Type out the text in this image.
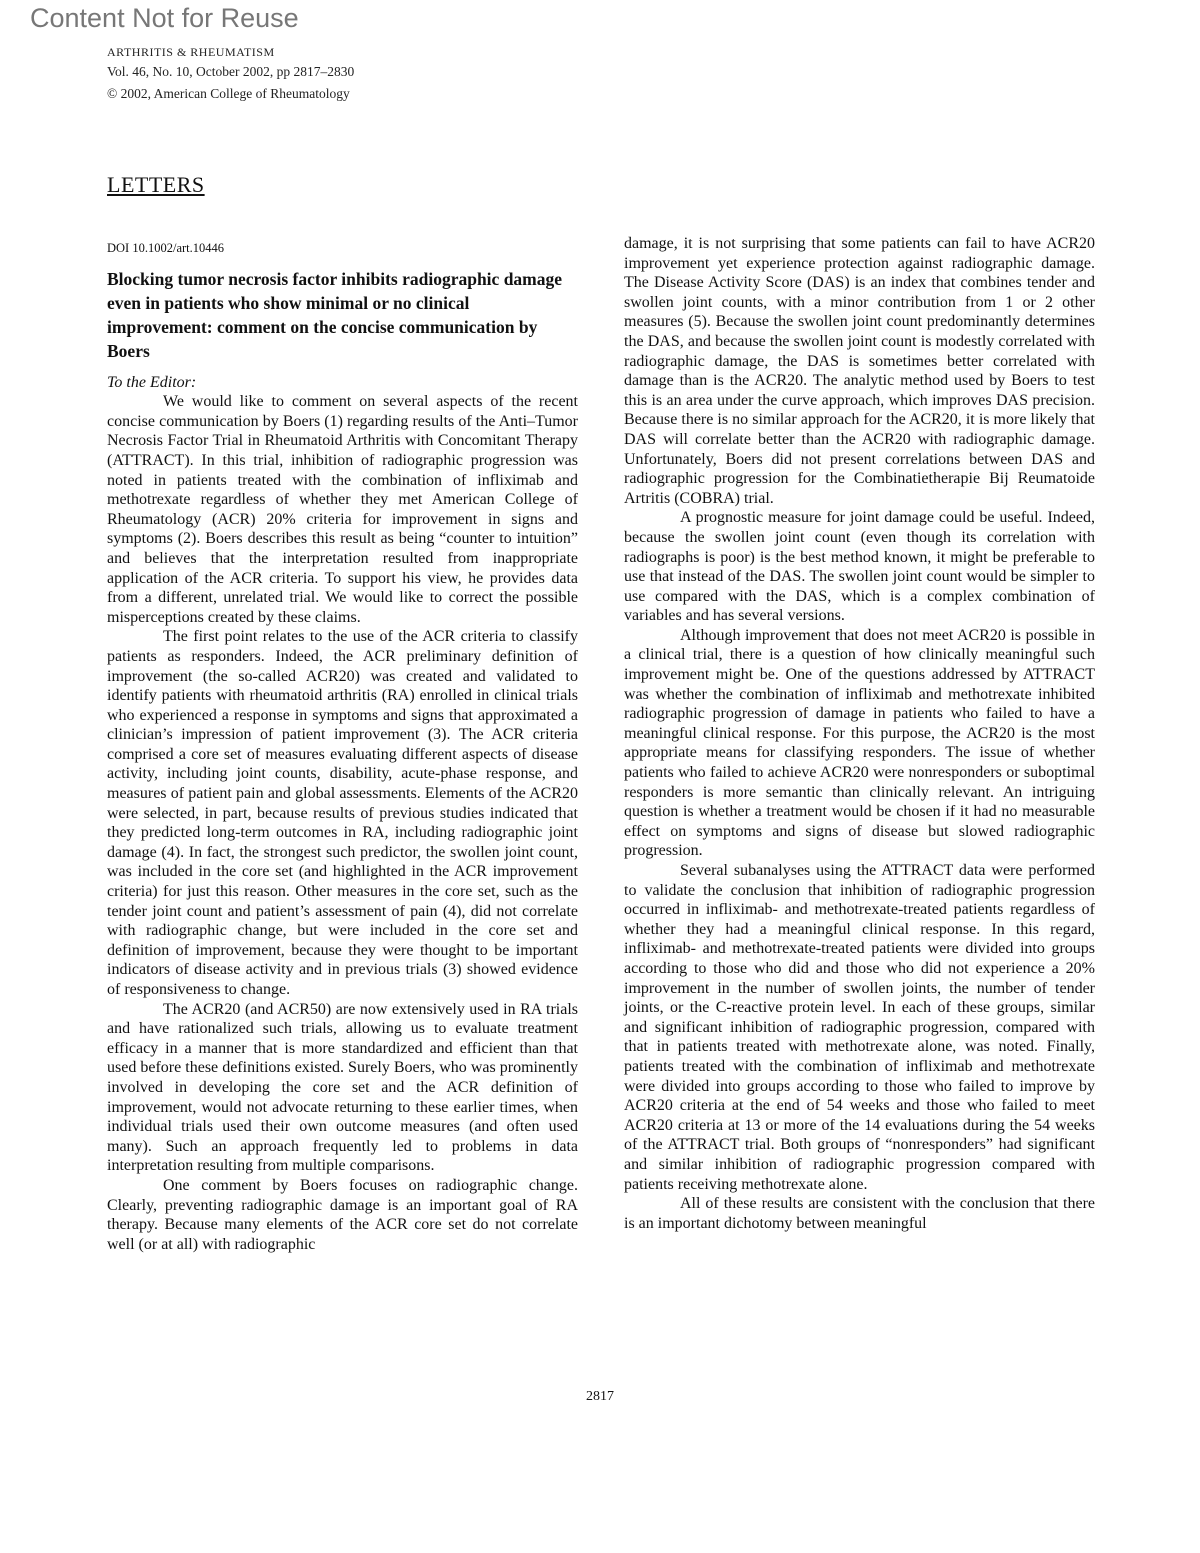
Content Not for Reuse
ARTHRITIS & RHEUMATISM
Vol. 46, No. 10, October 2002, pp 2817–2830
© 2002, American College of Rheumatology
LETTERS
DOI 10.1002/art.10446
Blocking tumor necrosis factor inhibits radiographic damage even in patients who show minimal or no clinical improvement: comment on the concise communication by Boers

To the Editor:

We would like to comment on several aspects of the recent concise communication by Boers (1) regarding results of the Anti–Tumor Necrosis Factor Trial in Rheumatoid Arthritis with Concomitant Therapy (ATTRACT). In this trial, inhibition of radiographic progression was noted in patients treated with the combination of infliximab and methotrexate regardless of whether they met American College of Rheumatology (ACR) 20% criteria for improvement in signs and symptoms (2). Boers describes this result as being “counter to intuition” and believes that the interpretation resulted from inappropriate application of the ACR criteria. To support his view, he provides data from a different, unrelated trial. We would like to correct the possible misperceptions created by these claims.

The first point relates to the use of the ACR criteria to classify patients as responders. Indeed, the ACR preliminary definition of improvement (the so-called ACR20) was created and validated to identify patients with rheumatoid arthritis (RA) enrolled in clinical trials who experienced a response in symptoms and signs that approximated a clinician’s impression of patient improvement (3). The ACR criteria comprised a core set of measures evaluating different aspects of disease activity, including joint counts, disability, acute-phase response, and measures of patient pain and global assessments. Elements of the ACR20 were selected, in part, because results of previous studies indicated that they predicted long-term outcomes in RA, including radiographic joint damage (4). In fact, the strongest such predictor, the swollen joint count, was included in the core set (and highlighted in the ACR improvement criteria) for just this reason. Other measures in the core set, such as the tender joint count and patient’s assessment of pain (4), did not correlate with radiographic change, but were included in the core set and definition of improvement, because they were thought to be important indicators of disease activity and in previous trials (3) showed evidence of responsiveness to change.

The ACR20 (and ACR50) are now extensively used in RA trials and have rationalized such trials, allowing us to evaluate treatment efficacy in a manner that is more standardized and efficient than that used before these definitions existed. Surely Boers, who was prominently involved in developing the core set and the ACR definition of improvement, would not advocate returning to these earlier times, when individual trials used their own outcome measures (and often used many). Such an approach frequently led to problems in data interpretation resulting from multiple comparisons.

One comment by Boers focuses on radiographic change. Clearly, preventing radiographic damage is an important goal of RA therapy. Because many elements of the ACR core set do not correlate well (or at all) with radiographic

damage, it is not surprising that some patients can fail to have ACR20 improvement yet experience protection against radiographic damage. The Disease Activity Score (DAS) is an index that combines tender and swollen joint counts, with a minor contribution from 1 or 2 other measures (5). Because the swollen joint count predominantly determines the DAS, and because the swollen joint count is modestly correlated with radiographic damage, the DAS is sometimes better correlated with damage than is the ACR20. The analytic method used by Boers to test this is an area under the curve approach, which improves DAS precision. Because there is no similar approach for the ACR20, it is more likely that DAS will correlate better than the ACR20 with radiographic damage. Unfortunately, Boers did not present correlations between DAS and radiographic progression for the Combinatietherapie Bij Reumatoide Artritis (COBRA) trial.

A prognostic measure for joint damage could be useful. Indeed, because the swollen joint count (even though its correlation with radiographs is poor) is the best method known, it might be preferable to use that instead of the DAS. The swollen joint count would be simpler to use compared with the DAS, which is a complex combination of variables and has several versions.

Although improvement that does not meet ACR20 is possible in a clinical trial, there is a question of how clinically meaningful such improvement might be. One of the questions addressed by ATTRACT was whether the combination of infliximab and methotrexate inhibited radiographic progression of damage in patients who failed to have a meaningful clinical response. For this purpose, the ACR20 is the most appropriate means for classifying responders. The issue of whether patients who failed to achieve ACR20 were nonresponders or suboptimal responders is more semantic than clinically relevant. An intriguing question is whether a treatment would be chosen if it had no measurable effect on symptoms and signs of disease but slowed radiographic progression.

Several subanalyses using the ATTRACT data were performed to validate the conclusion that inhibition of radiographic progression occurred in infliximab- and methotrexate-treated patients regardless of whether they had a meaningful clinical response. In this regard, infliximab- and methotrexate-treated patients were divided into groups according to those who did and those who did not experience a 20% improvement in the number of swollen joints, the number of tender joints, or the C-reactive protein level. In each of these groups, similar and significant inhibition of radiographic progression, compared with that in patients treated with methotrexate alone, was noted. Finally, patients treated with the combination of infliximab and methotrexate were divided into groups according to those who failed to improve by ACR20 criteria at the end of 54 weeks and those who failed to meet ACR20 criteria at 13 or more of the 14 evaluations during the 54 weeks of the ATTRACT trial. Both groups of “nonresponders” had significant and similar inhibition of radiographic progression compared with patients receiving methotrexate alone.

All of these results are consistent with the conclusion that there is an important dichotomy between meaningful

2817
